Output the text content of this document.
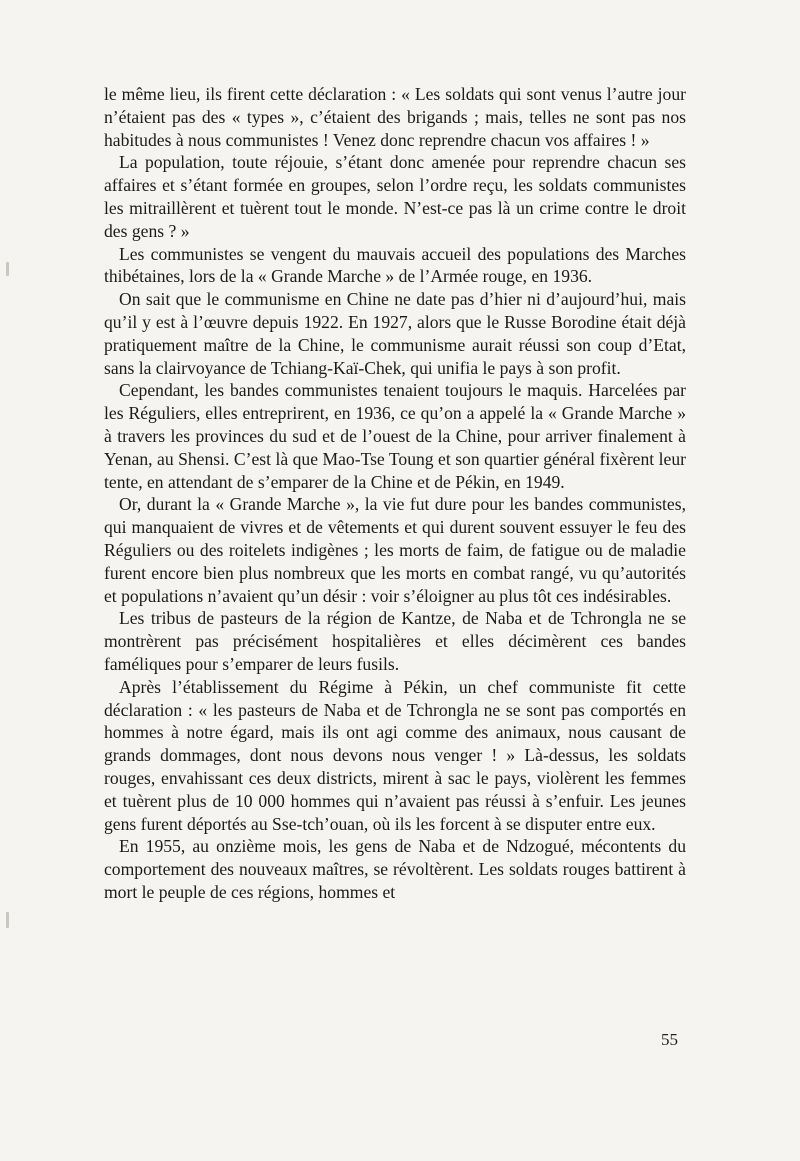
le même lieu, ils firent cette déclaration : « Les soldats qui sont venus l’autre jour n’étaient pas des « types », c’étaient des brigands ; mais, telles ne sont pas nos habitudes à nous communistes ! Venez donc reprendre chacun vos affaires ! »

La population, toute réjouie, s’étant donc amenée pour reprendre chacun ses affaires et s’étant formée en groupes, selon l’ordre reçu, les soldats communistes les mitraillèrent et tuèrent tout le monde. N’est-ce pas là un crime contre le droit des gens ? »

Les communistes se vengent du mauvais accueil des populations des Marches thibétaines, lors de la « Grande Marche » de l’Armée rouge, en 1936.

On sait que le communisme en Chine ne date pas d’hier ni d’aujourd’hui, mais qu’il y est à l’œuvre depuis 1922. En 1927, alors que le Russe Borodine était déjà pratiquement maître de la Chine, le communisme aurait réussi son coup d’Etat, sans la clairvoyance de Tchiang-Kaï-Chek, qui unifia le pays à son profit.

Cependant, les bandes communistes tenaient toujours le maquis. Harcelées par les Réguliers, elles entreprirent, en 1936, ce qu’on a appelé la « Grande Marche » à travers les provinces du sud et de l’ouest de la Chine, pour arriver finalement à Yenan, au Shensi. C’est là que Mao-Tse Toung et son quartier général fixèrent leur tente, en attendant de s’emparer de la Chine et de Pékin, en 1949.

Or, durant la « Grande Marche », la vie fut dure pour les bandes communistes, qui manquaient de vivres et de vêtements et qui durent souvent essuyer le feu des Réguliers ou des roitelets indigènes ; les morts de faim, de fatigue ou de maladie furent encore bien plus nombreux que les morts en combat rangé, vu qu’autorités et populations n’avaient qu’un désir : voir s’éloigner au plus tôt ces indésirables.

Les tribus de pasteurs de la région de Kantze, de Naba et de Tchrongla ne se montrèrent pas précisément hospitalières et elles décimèrent ces bandes faméliques pour s’emparer de leurs fusils.

Après l’établissement du Régime à Pékin, un chef communiste fit cette déclaration : « les pasteurs de Naba et de Tchrongla ne se sont pas comportés en hommes à notre égard, mais ils ont agi comme des animaux, nous causant de grands dommages, dont nous devons nous venger ! » Là-dessus, les soldats rouges, envahissant ces deux districts, mirent à sac le pays, violèrent les femmes et tuèrent plus de 10 000 hommes qui n’avaient pas réussi à s’enfuir. Les jeunes gens furent déportés au Sse-tch’ouan, où ils les forcent à se disputer entre eux.

En 1955, au onzième mois, les gens de Naba et de Ndzogué, mécontents du comportement des nouveaux maîtres, se révoltèrent. Les soldats rouges battirent à mort le peuple de ces régions, hommes et

55
